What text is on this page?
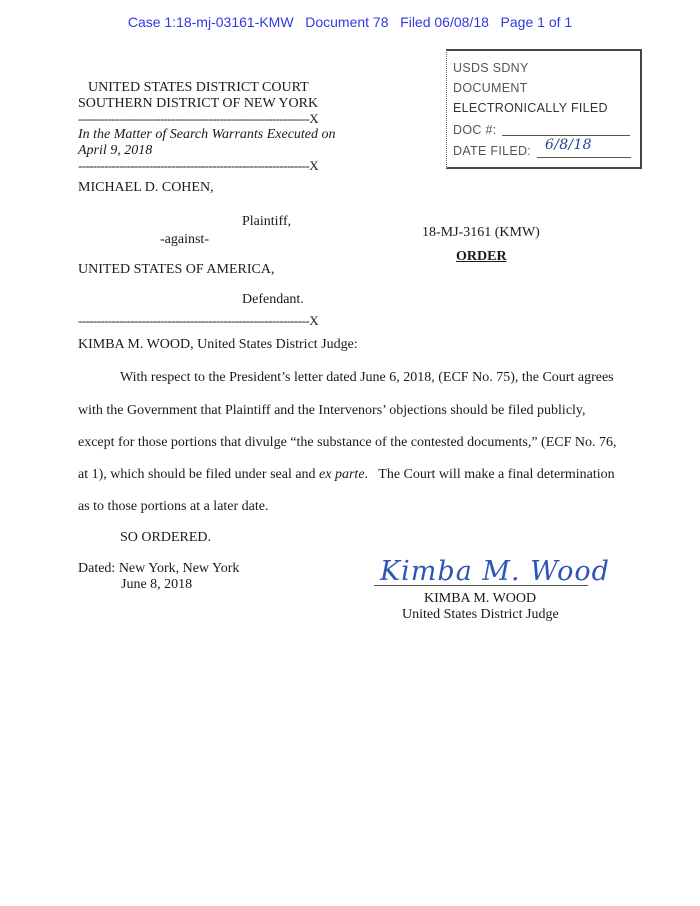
Case 1:18-mj-03161-KMW   Document 78   Filed 06/08/18   Page 1 of 1
USDS SDNY
DOCUMENT
ELECTRONICALLY FILED
DOC #:
DATE FILED: 6/8/18
UNITED STATES DISTRICT COURT
SOUTHERN DISTRICT OF NEW YORK
--------------------------------------------------------------X
In the Matter of Search Warrants Executed on
April 9, 2018
--------------------------------------------------------------X
MICHAEL D. COHEN,
Plaintiff,
-against-	18-MJ-3161 (KMW)
ORDER
UNITED STATES OF AMERICA,
Defendant.
--------------------------------------------------------------X
KIMBA M. WOOD, United States District Judge:
With respect to the President’s letter dated June 6, 2018, (ECF No. 75), the Court agrees
with the Government that Plaintiff and the Intervenors’ objections should be filed publicly,
except for those portions that divulge “the substance of the contested documents,” (ECF No. 76,
at 1), which should be filed under seal and ex parte.   The Court will make a final determination
as to those portions at a later date.
SO ORDERED.
Dated: New York, New York
June 8, 2018	Kimba M. Wood
KIMBA M. WOOD
United States District Judge
